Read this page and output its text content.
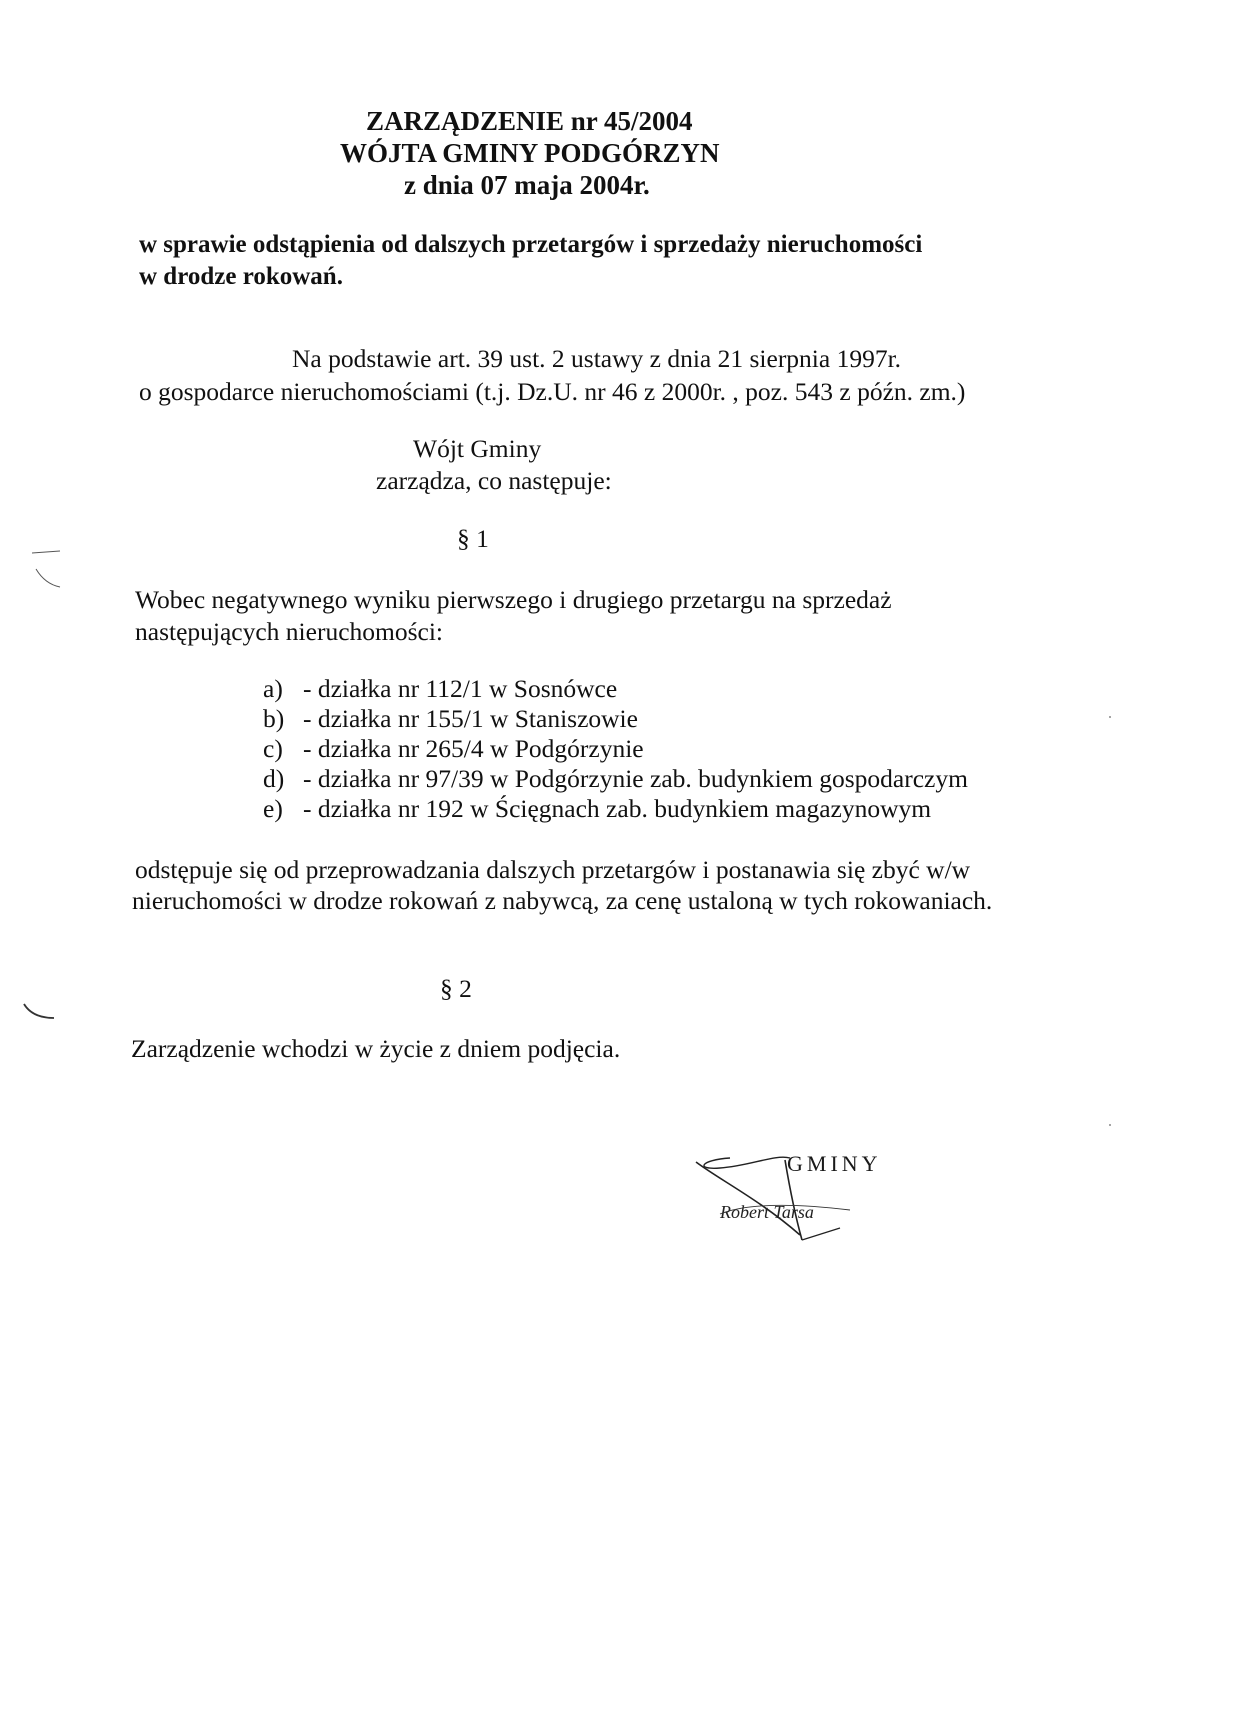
ZARZĄDZENIE nr 45/2004
WÓJTA GMINY PODGÓRZYN
z dnia 07 maja 2004r.
w sprawie odstąpienia od dalszych przetargów i sprzedaży nieruchomości
w drodze rokowań.
Na podstawie art. 39 ust. 2 ustawy z dnia 21 sierpnia 1997r.
o gospodarce nieruchomościami (t.j. Dz.U. nr 46 z 2000r. , poz. 543 z późn. zm.)
Wójt Gminy
zarządza, co następuje:
§ 1
Wobec negatywnego wyniku pierwszego i drugiego przetargu na sprzedaż
następujących nieruchomości:
a) - działka nr 112/1 w Sosnówce
b) - działka nr 155/1 w Staniszowie
c) - działka nr 265/4 w Podgórzynie
d) - działka nr 97/39 w Podgórzynie zab. budynkiem gospodarczym
e) - działka nr 192 w Ścięgnach zab. budynkiem magazynowym
odstępuje się od przeprowadzania dalszych przetargów i postanawia się zbyć w/w
nieruchomości w drodze rokowań z nabywcą, za cenę ustaloną w tych rokowaniach.
§ 2
Zarządzenie wchodzi w życie z dniem podjęcia.
GMINY
Robert Tarsa
